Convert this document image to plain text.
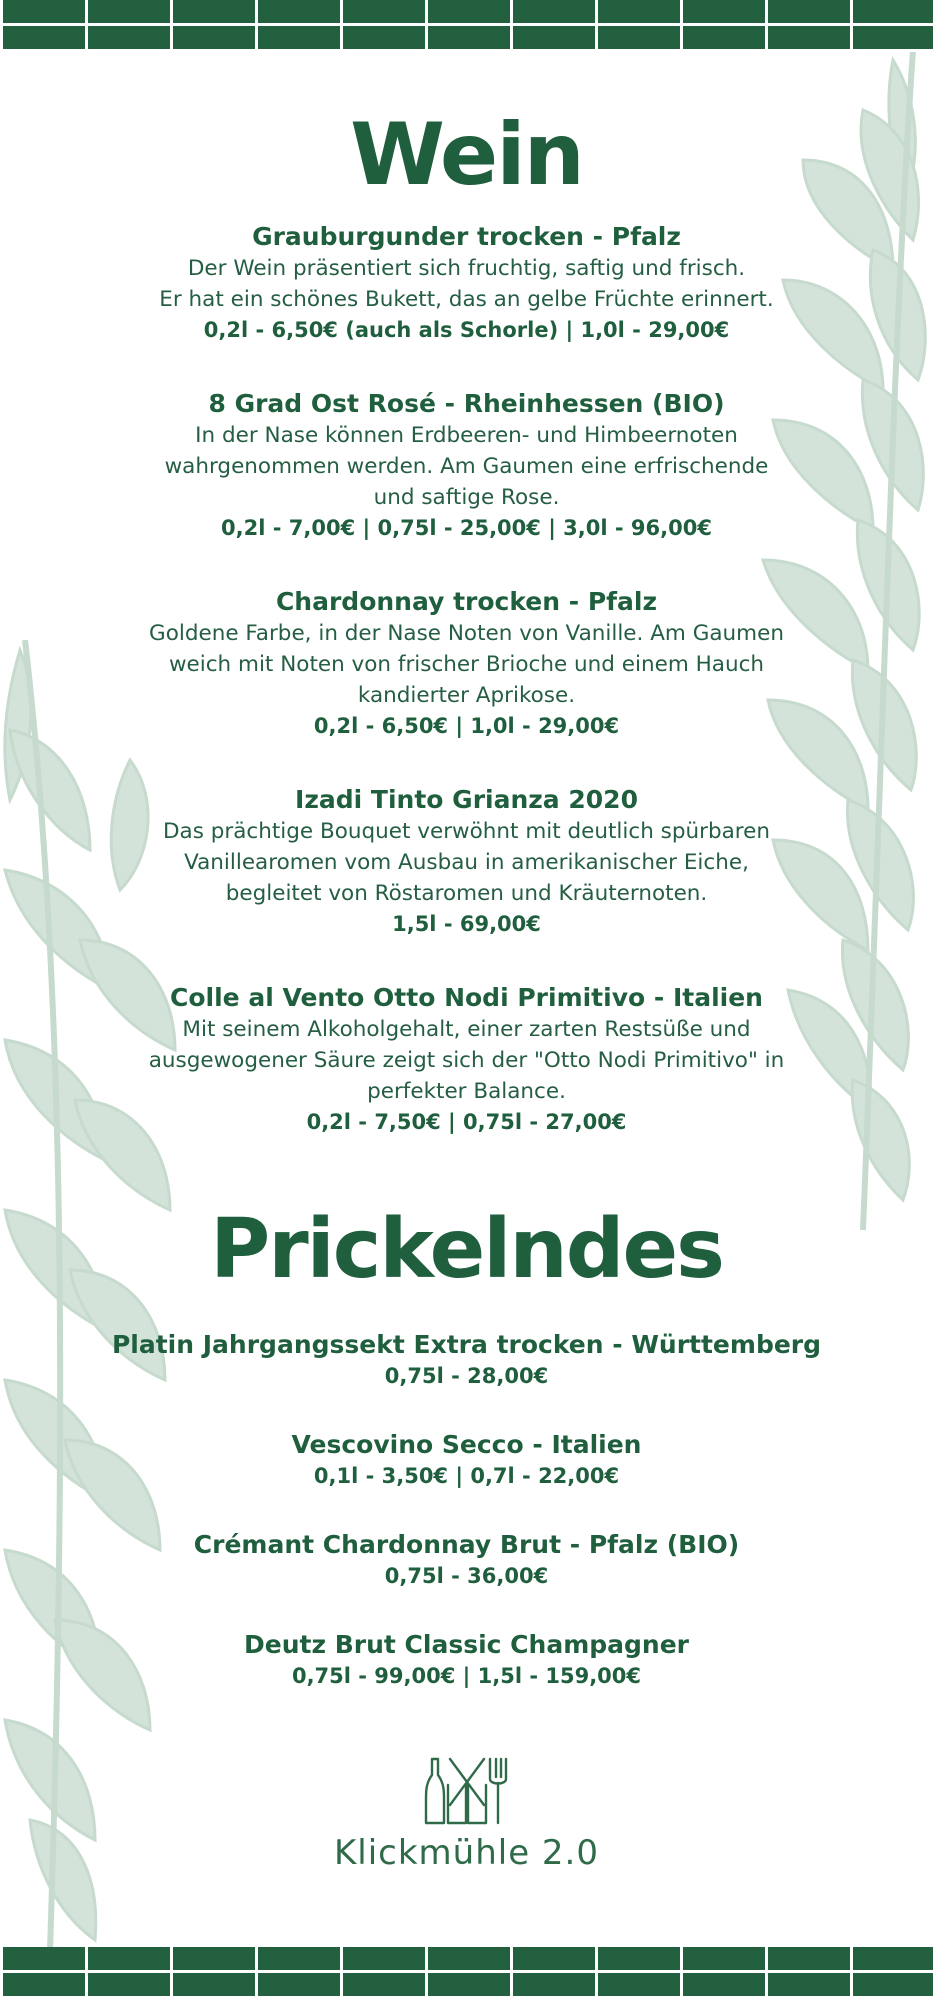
Wein
Grauburgunder trocken - Pfalz
Der Wein präsentiert sich fruchtig, saftig und frisch.
Er hat ein schönes Bukett, das an gelbe Früchte erinnert.
0,2l - 6,50€ (auch als Schorle) | 1,0l - 29,00€
8 Grad Ost Rosé - Rheinhessen (BIO)
In der Nase können Erdbeeren- und Himbeernoten
wahrgenommen werden. Am Gaumen eine erfrischende
und saftige Rose.
0,2l - 7,00€ | 0,75l - 25,00€ | 3,0l - 96,00€
Chardonnay trocken - Pfalz
Goldene Farbe, in der Nase Noten von Vanille. Am Gaumen
weich mit Noten von frischer Brioche und einem Hauch
kandierter Aprikose.
0,2l - 6,50€ | 1,0l - 29,00€
Izadi Tinto Grianza 2020
Das prächtige Bouquet verwöhnt mit deutlich spürbaren
Vanillearomen vom Ausbau in amerikanischer Eiche,
begleitet von Röstaromen und Kräuternoten.
1,5l - 69,00€
Colle al Vento Otto Nodi Primitivo - Italien
Mit seinem Alkoholgehalt, einer zarten Restsüße und
ausgewogener Säure zeigt sich der "Otto Nodi Primitivo" in
perfekter Balance.
0,2l - 7,50€ | 0,75l - 27,00€
Prickelndes
Platin Jahrgangssekt Extra trocken - Württemberg
0,75l - 28,00€
Vescovino Secco - Italien
0,1l - 3,50€ | 0,7l - 22,00€
Crémant Chardonnay Brut - Pfalz (BIO)
0,75l - 36,00€
Deutz Brut Classic Champagner
0,75l - 99,00€ | 1,5l - 159,00€
Klickmühle 2.0
